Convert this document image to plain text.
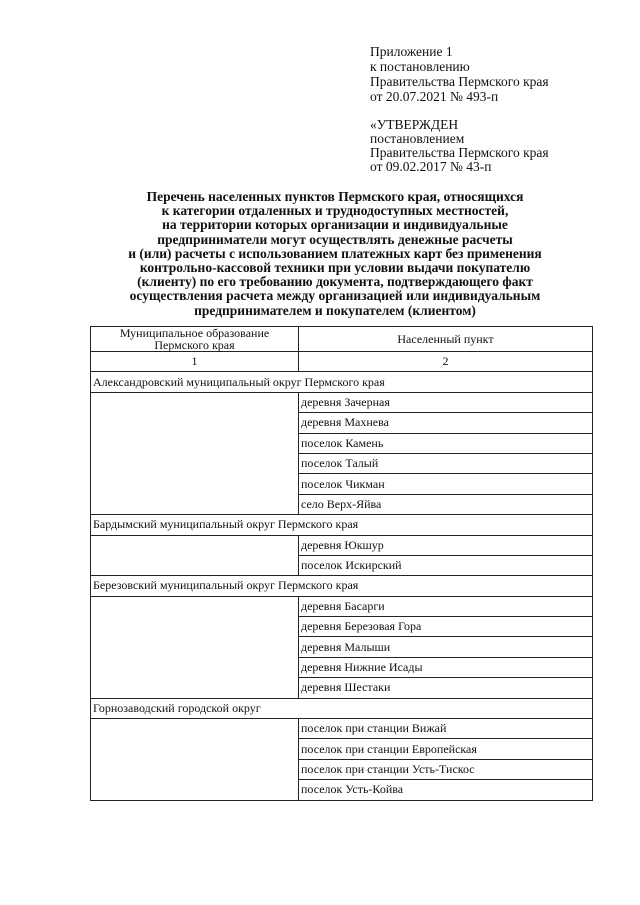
Приложение 1
к постановлению
Правительства Пермского края
от 20.07.2021 № 493-п
«УТВЕРЖДЕН
постановлением
Правительства Пермского края
от 09.02.2017 № 43-п
Перечень населенных пунктов Пермского края, относящихся
к категории отдаленных и труднодоступных местностей,
на территории которых организации и индивидуальные
предприниматели могут осуществлять денежные расчеты
и (или) расчеты с использованием платежных карт без применения
контрольно-кассовой техники при условии выдачи покупателю
(клиенту) по его требованию документа, подтверждающего факт
осуществления расчета между организацией или индивидуальным
предпринимателем и покупателем (клиентом)
Муниципальное образование
Пермского края	Населенный пункт
1	2
Александровский муниципальный округ Пермского края	
	деревня Зачерная
	деревня Махнева
	поселок Камень
	поселок Талый
	поселок Чикман
	село Верх-Яйва
Бардымский муниципальный округ Пермского края	
	деревня Юкшур
	поселок Искирский
Березовский муниципальный округ Пермского края	
	деревня Басарги
	деревня Березовая Гора
	деревня Малыши
	деревня Нижние Исады
	деревня Шестаки
Горнозаводский городской округ	
	поселок при станции Вижай
	поселок при станции Европейская
	поселок при станции Усть-Тискос
	поселок Усть-Койва
